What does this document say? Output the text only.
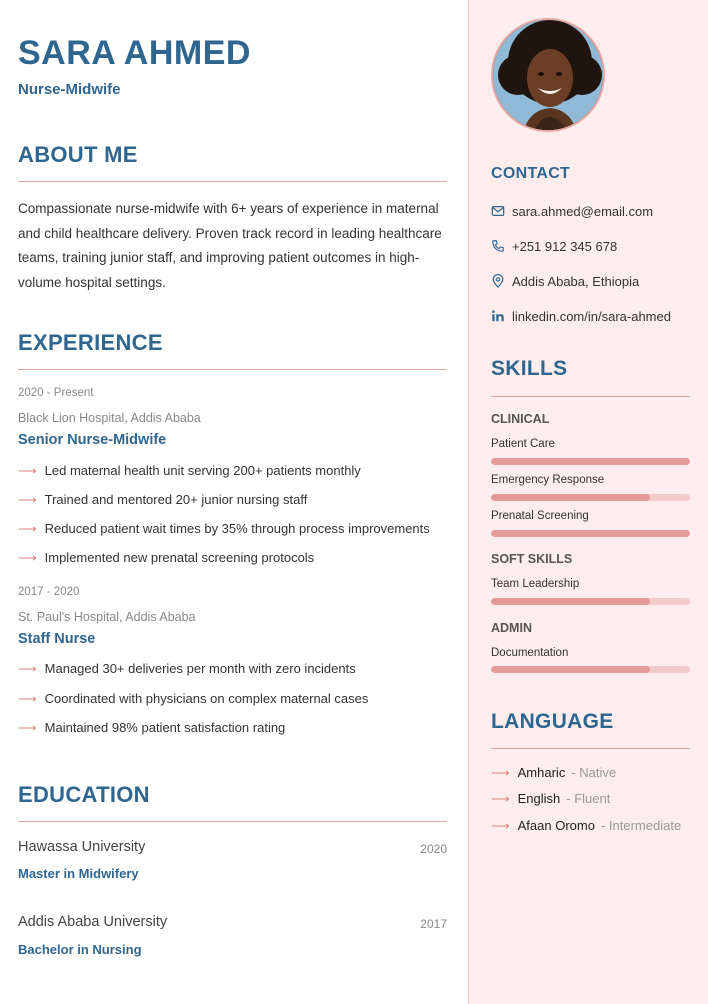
SARA AHMED
Nurse-Midwife
ABOUT ME
Compassionate nurse-midwife with 6+ years of experience in maternal and child healthcare delivery. Proven track record in leading healthcare teams, training junior staff, and improving patient outcomes in high-volume hospital settings.
EXPERIENCE
2020 - Present
Black Lion Hospital, Addis Ababa
Senior Nurse-Midwife
⟶ Led maternal health unit serving 200+ patients monthly
⟶ Trained and mentored 20+ junior nursing staff
⟶ Reduced patient wait times by 35% through process improvements
⟶ Implemented new prenatal screening protocols
2017 - 2020
St. Paul's Hospital, Addis Ababa
Staff Nurse
⟶ Managed 30+ deliveries per month with zero incidents
⟶ Coordinated with physicians on complex maternal cases
⟶ Maintained 98% patient satisfaction rating
EDUCATION
Hawassa University	2020
Master in Midwifery
Addis Ababa University	2017
Bachelor in Nursing
CONTACT
sara.ahmed@email.com
+251 912 345 678
Addis Ababa, Ethiopia
linkedin.com/in/sara-ahmed
SKILLS
CLINICAL
Patient Care
Emergency Response
Prenatal Screening
SOFT SKILLS
Team Leadership
ADMIN
Documentation
LANGUAGE
⟶ Amharic - Native
⟶ English - Fluent
⟶ Afaan Oromo - Intermediate
